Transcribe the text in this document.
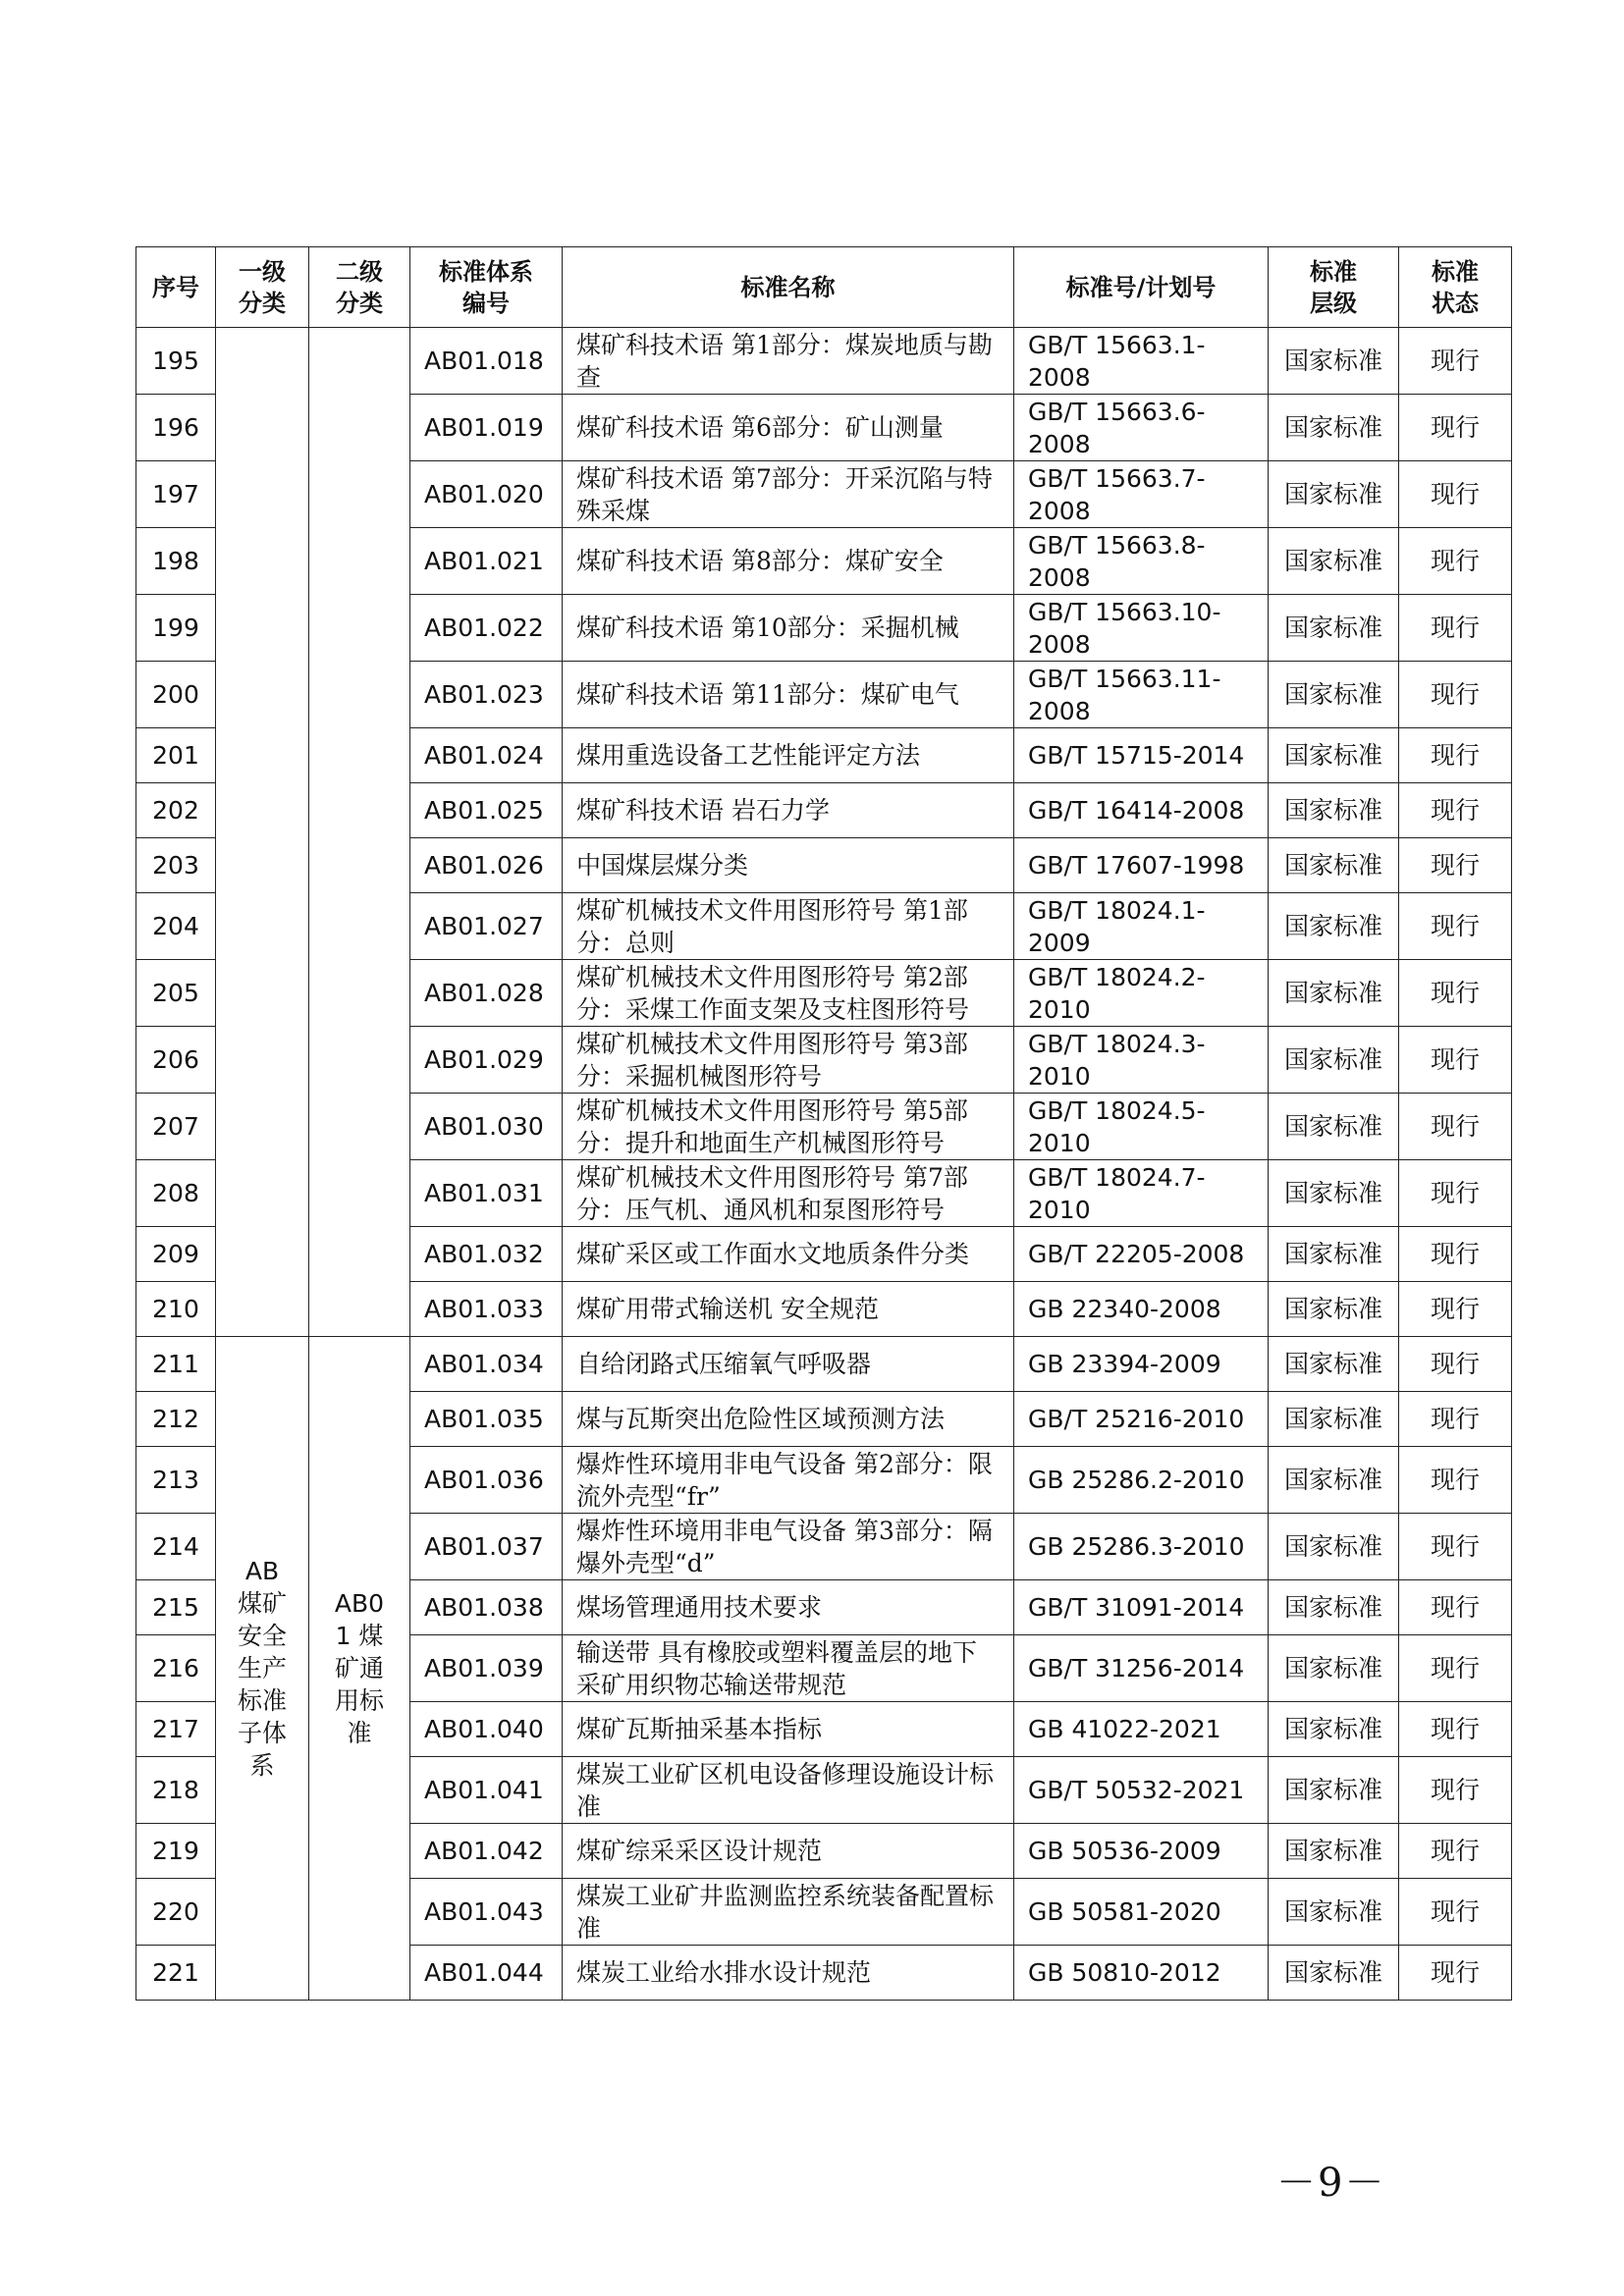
序号	一级分类	二级分类	标准体系编号	标准名称	标准号/计划号	标准层级	标准状态

195			AB01.018	煤矿科技术语 第1部分：煤炭地质与勘查	GB/T 15663.1-2008	国家标准	现行
196			AB01.019	煤矿科技术语 第6部分：矿山测量	GB/T 15663.6-2008	国家标准	现行
197			AB01.020	煤矿科技术语 第7部分：开采沉陷与特殊采煤	GB/T 15663.7-2008	国家标准	现行
198			AB01.021	煤矿科技术语 第8部分：煤矿安全	GB/T 15663.8-2008	国家标准	现行
199			AB01.022	煤矿科技术语 第10部分：采掘机械	GB/T 15663.10-2008	国家标准	现行
200			AB01.023	煤矿科技术语 第11部分：煤矿电气	GB/T 15663.11-2008	国家标准	现行
201			AB01.024	煤用重选设备工艺性能评定方法	GB/T 15715-2014	国家标准	现行
202			AB01.025	煤矿科技术语 岩石力学	GB/T 16414-2008	国家标准	现行
203			AB01.026	中国煤层煤分类	GB/T 17607-1998	国家标准	现行
204			AB01.027	煤矿机械技术文件用图形符号 第1部分：总则	GB/T 18024.1-2009	国家标准	现行
205			AB01.028	煤矿机械技术文件用图形符号 第2部分：采煤工作面支架及支柱图形符号	GB/T 18024.2-2010	国家标准	现行
206			AB01.029	煤矿机械技术文件用图形符号 第3部分：采掘机械图形符号	GB/T 18024.3-2010	国家标准	现行
207			AB01.030	煤矿机械技术文件用图形符号 第5部分：提升和地面生产机械图形符号	GB/T 18024.5-2010	国家标准	现行
208			AB01.031	煤矿机械技术文件用图形符号 第7部分：压气机、通风机和泵图形符号	GB/T 18024.7-2010	国家标准	现行
209			AB01.032	煤矿采区或工作面水文地质条件分类	GB/T 22205-2008	国家标准	现行
210			AB01.033	煤矿用带式输送机 安全规范	GB 22340-2008	国家标准	现行
211	AB 煤矿安全生产标准子体系	AB01 煤矿通用标准	AB01.034	自给闭路式压缩氧气呼吸器	GB 23394-2009	国家标准	现行
212			AB01.035	煤与瓦斯突出危险性区域预测方法	GB/T 25216-2010	国家标准	现行
213			AB01.036	爆炸性环境用非电气设备 第2部分：限流外壳型“fr”	GB 25286.2-2010	国家标准	现行
214			AB01.037	爆炸性环境用非电气设备 第3部分：隔爆外壳型“d”	GB 25286.3-2010	国家标准	现行
215			AB01.038	煤场管理通用技术要求	GB/T 31091-2014	国家标准	现行
216			AB01.039	输送带 具有橡胶或塑料覆盖层的地下采矿用织物芯输送带规范	GB/T 31256-2014	国家标准	现行
217			AB01.040	煤矿瓦斯抽采基本指标	GB 41022-2021	国家标准	现行
218			AB01.041	煤炭工业矿区机电设备修理设施设计标准	GB/T 50532-2021	国家标准	现行
219			AB01.042	煤矿综采采区设计规范	GB 50536-2009	国家标准	现行
220			AB01.043	煤炭工业矿井监测监控系统装备配置标准	GB 50581-2020	国家标准	现行
221			AB01.044	煤炭工业给水排水设计规范	GB 50810-2012	国家标准	现行
－9－
